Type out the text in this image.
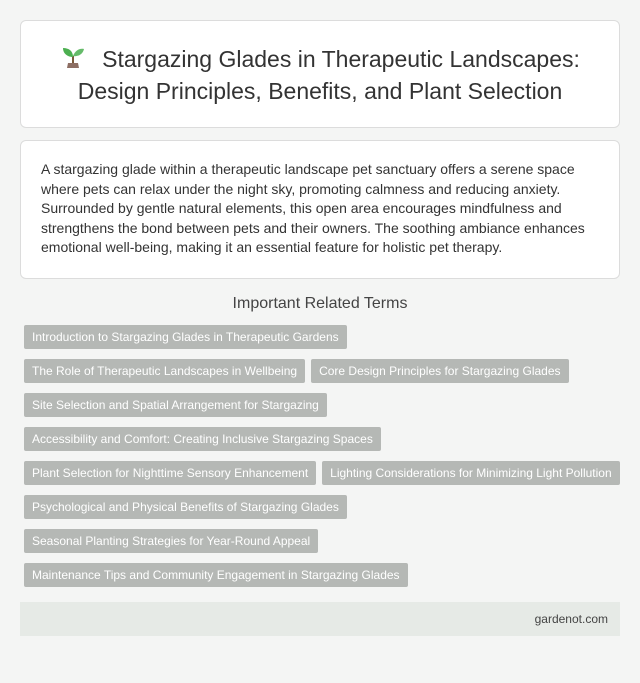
Stargazing Glades in Therapeutic Landscapes: Design Principles, Benefits, and Plant Selection

A stargazing glade within a therapeutic landscape pet sanctuary offers a serene space where pets can relax under the night sky, promoting calmness and reducing anxiety. Surrounded by gentle natural elements, this open area encourages mindfulness and strengthens the bond between pets and their owners. The soothing ambiance enhances emotional well-being, making it an essential feature for holistic pet therapy.

Important Related Terms
Introduction to Stargazing Glades in Therapeutic Gardens
The Role of Therapeutic Landscapes in Wellbeing	Core Design Principles for Stargazing Glades
Site Selection and Spatial Arrangement for Stargazing
Accessibility and Comfort: Creating Inclusive Stargazing Spaces
Plant Selection for Nighttime Sensory Enhancement	Lighting Considerations for Minimizing Light Pollution
Psychological and Physical Benefits of Stargazing Glades
Seasonal Planting Strategies for Year-Round Appeal
Maintenance Tips and Community Engagement in Stargazing Glades
gardenot.com
